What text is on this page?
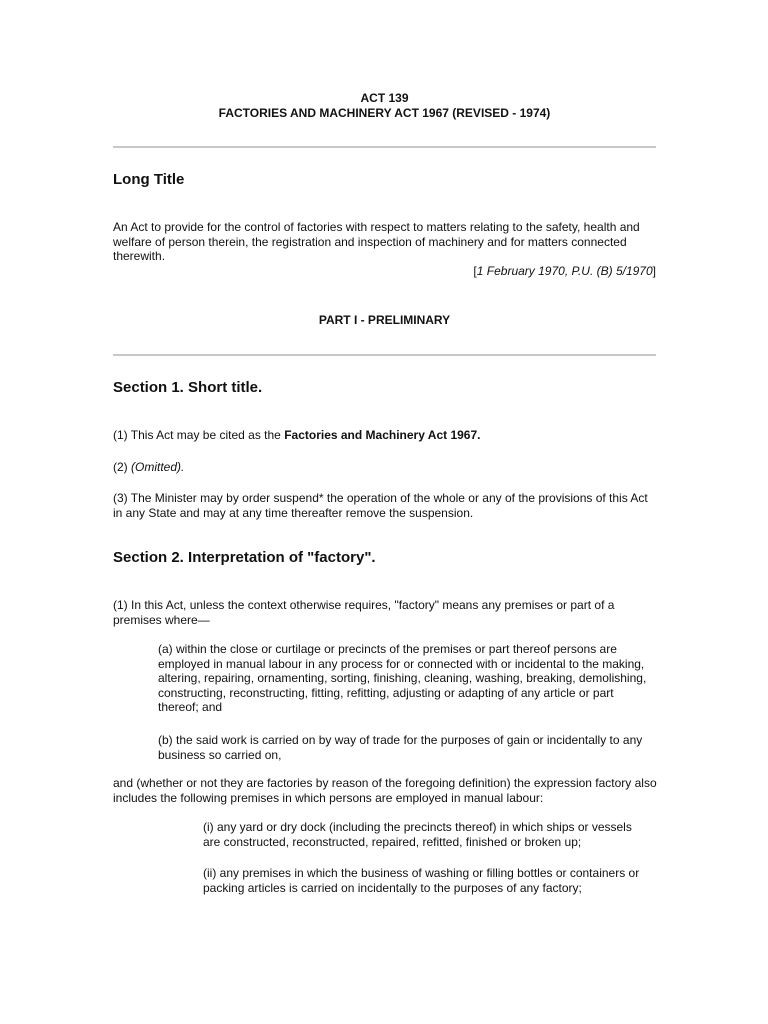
ACT 139
FACTORIES AND MACHINERY ACT 1967 (REVISED - 1974)
Long Title

An Act to provide for the control of factories with respect to matters relating to the safety, health and welfare of person therein, the registration and inspection of machinery and for matters connected therewith.

[1 February 1970, P.U. (B) 5/1970]
PART I - PRELIMINARY
Section 1. Short title.

(1) This Act may be cited as the Factories and Machinery Act 1967.

(2) (Omitted).

(3) The Minister may by order suspend* the operation of the whole or any of the provisions of this Act in any State and may at any time thereafter remove the suspension.

Section 2. Interpretation of "factory".

(1) In this Act, unless the context otherwise requires, "factory" means any premises or part of a premises where—

(a) within the close or curtilage or precincts of the premises or part thereof persons are employed in manual labour in any process for or connected with or incidental to the making, altering, repairing, ornamenting, sorting, finishing, cleaning, washing, breaking, demolishing, constructing, reconstructing, fitting, refitting, adjusting or adapting of any article or part thereof; and

(b) the said work is carried on by way of trade for the purposes of gain or incidentally to any business so carried on,

and (whether or not they are factories by reason of the foregoing definition) the expression factory also includes the following premises in which persons are employed in manual labour:

(i) any yard or dry dock (including the precincts thereof) in which ships or vessels are constructed, reconstructed, repaired, refitted, finished or broken up;

(ii) any premises in which the business of washing or filling bottles or containers or packing articles is carried on incidentally to the purposes of any factory;
